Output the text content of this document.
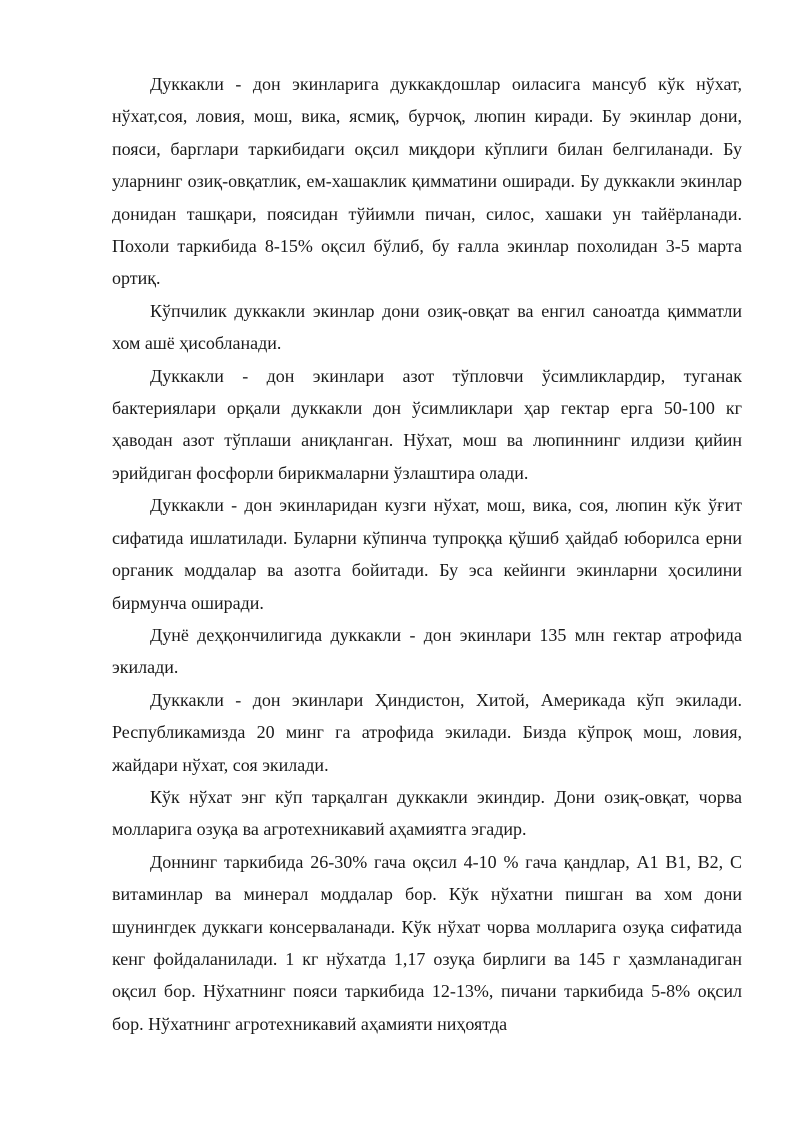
Дуккакли - дон экинларига дуккакдошлар оиласига мансуб кўк нўхат, нўхат,соя, ловия, мош, вика, ясмиқ, бурчоқ, люпин киради. Бу экинлар дони, пояси, барглари таркибидаги оқсил миқдори кўплиги билан белгиланади. Бу уларнинг озиқ-овқатлик, ем-хашаклик қимматини оширади. Бу дуккакли экинлар донидан ташқари, поясидан тўйимли пичан, силос, хашаки ун тайёрланади. Похоли таркибида 8-15% оқсил бўлиб, бу ғалла экинлар похолидан 3-5 марта ортиқ.

Кўпчилик дуккакли экинлар дони озиқ-овқат ва енгил саноатда қимматли хом ашё ҳисобланади.

Дуккакли - дон экинлари азот тўпловчи ўсимликлардир, туганак бактериялари орқали дуккакли дон ўсимликлари ҳар гектар ерга 50-100 кг ҳаводан азот тўплаши аниқланган. Нўхат, мош ва люпиннинг илдизи қийин эрийдиган фосфорли бирикмаларни ўзлаштира олади.

Дуккакли - дон экинларидан кузги нўхат, мош, вика, соя, люпин кўк ўғит сифатида ишлатилади. Буларни кўпинча тупроққа қўшиб ҳайдаб юборилса ерни органик моддалар ва азотга бойитади. Бу эса кейинги экинларни ҳосилини бирмунча оширади.

Дунё деҳқончилигида дуккакли - дон экинлари 135 млн гектар атрофида экилади.

Дуккакли - дон экинлари Ҳиндистон, Хитой, Америкада кўп экилади. Республикамизда 20 минг га атрофида экилади. Бизда кўпроқ мош, ловия, жайдари нўхат, соя экилади.

Кўк нўхат энг кўп тарқалган дуккакли экиндир. Дони озиқ-овқат, чорва молларига озуқа ва агротехникавий аҳамиятга эгадир.

Доннинг таркибида 26-30% гача оқсил 4-10 % гача қандлар, А1 В1, В2, С витаминлар ва минерал моддалар бор. Кўк нўхатни пишган ва хом дони шунингдек дуккаги консерваланади. Кўк нўхат чорва молларига озуқа сифатида кенг фойдаланилади. 1 кг нўхатда 1,17 озуқа бирлиги ва 145 г ҳазмланадиган оқсил бор. Нўхатнинг пояси таркибида 12-13%, пичани таркибида 5-8% оқсил бор. Нўхатнинг агротехникавий аҳамияти ниҳоятда
